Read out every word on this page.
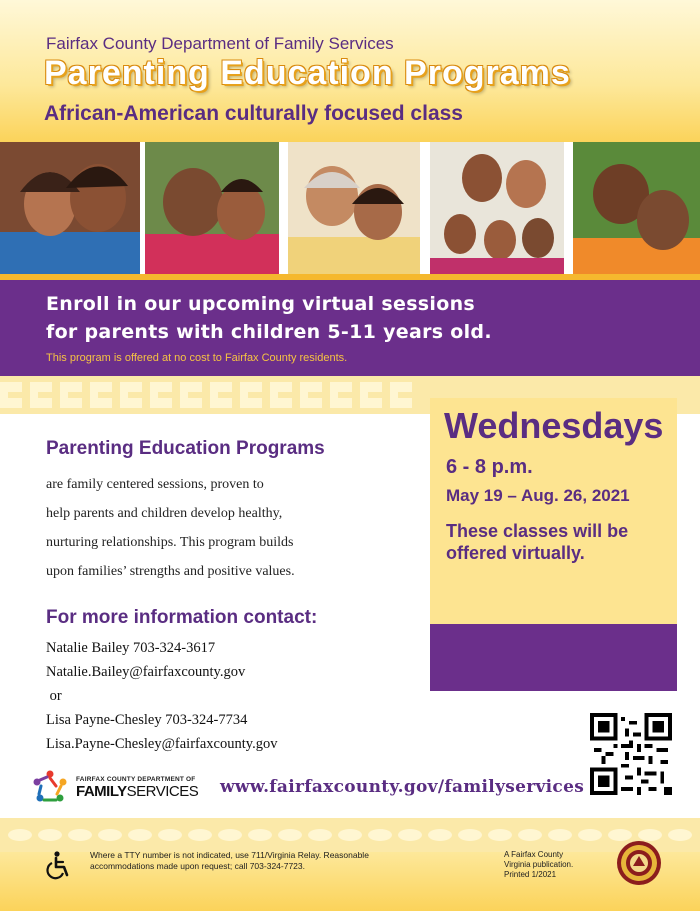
Fairfax County Department of Family Services
Parenting Education Programs
African-American culturally focused class
Enroll in our upcoming virtual sessions
for parents with children 5-11 years old.
This program is offered at no cost to Fairfax County residents.
Parenting Education Programs
are family centered sessions, proven to
help parents and children develop healthy,
nurturing relationships. This program builds
upon families’ strengths and positive values.
For more information contact:
Natalie Bailey 703-324-3617
Natalie.Bailey@fairfaxcounty.gov
or
Lisa Payne-Chesley 703-324-7734
Lisa.Payne-Chesley@fairfaxcounty.gov
Wednesdays
6 - 8 p.m.
May 19 – Aug. 26, 2021
These classes will be offered virtually.
FAIRFAX COUNTY DEPARTMENT OF
FAMILYSERVICES www.fairfaxcounty.gov/familyservices
Where a TTY number is not indicated, use 711/Virginia Relay. Reasonable accommodations made upon request; call 703-324-7723.
A Fairfax County
Virginia publication.
Printed 1/2021
